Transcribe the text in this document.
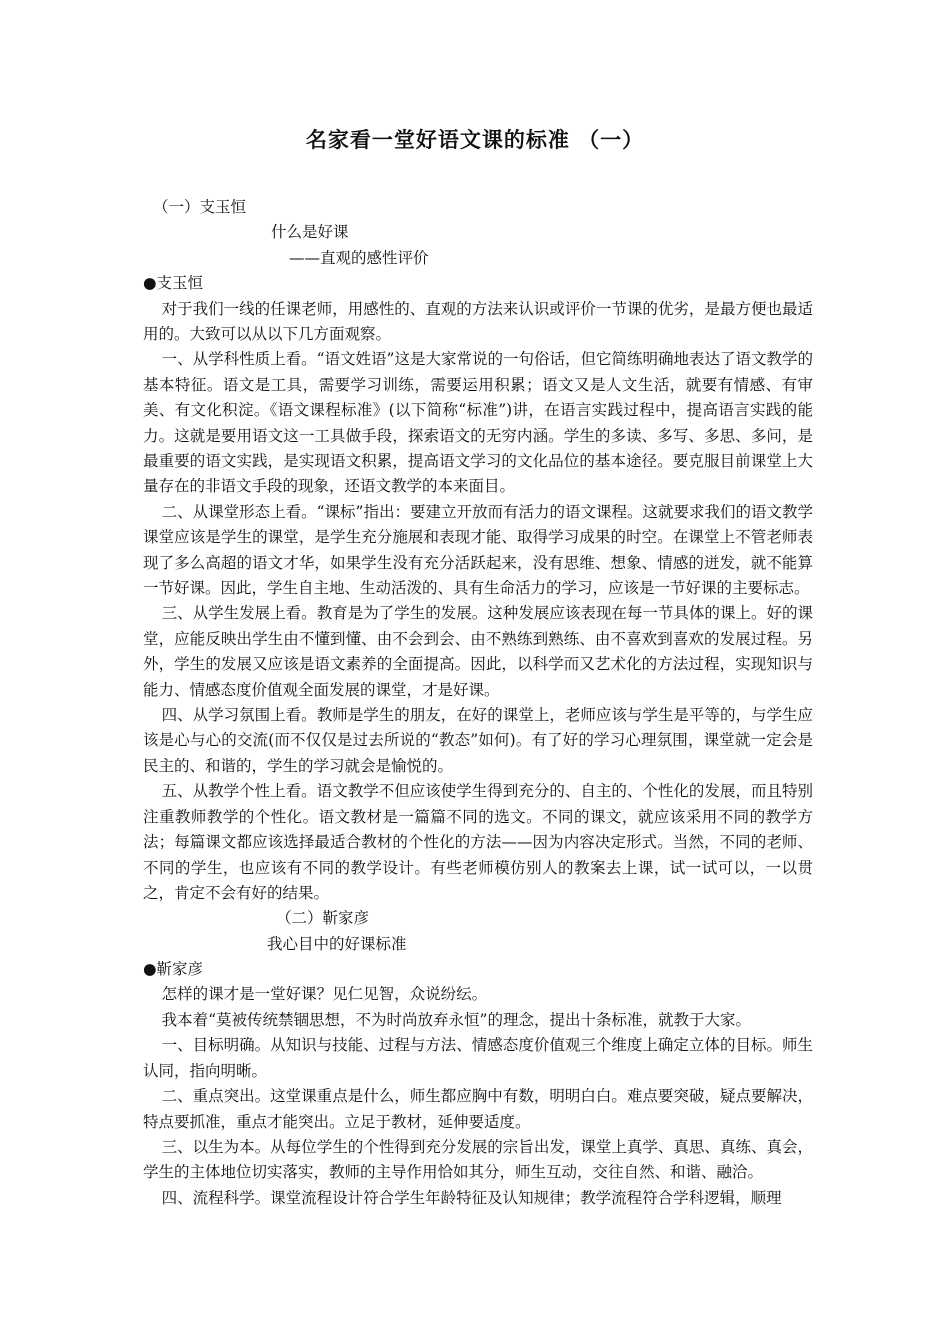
名家看一堂好语文课的标准 （一）
（一）支玉恒
什么是好课
——直观的感性评价
●支玉恒

对于我们一线的任课老师，用感性的、直观的方法来认识或评价一节课的优劣，是最方便也最适用的。大致可以从以下几方面观察。

一、从学科性质上看。“语文姓语”这是大家常说的一句俗话，但它简练明确地表达了语文教学的基本特征。语文是工具，需要学习训练，需要运用积累；语文又是人文生活，就要有情感、有审美、有文化积淀。《语文课程标准》(以下简称“标准”)讲，在语言实践过程中，提高语言实践的能力。这就是要用语文这一工具做手段，探索语文的无穷内涵。学生的多读、多写、多思、多问，是最重要的语文实践，是实现语文积累，提高语文学习的文化品位的基本途径。要克服目前课堂上大量存在的非语文手段的现象，还语文教学的本来面目。

二、从课堂形态上看。“课标”指出：要建立开放而有活力的语文课程。这就要求我们的语文教学课堂应该是学生的课堂，是学生充分施展和表现才能、取得学习成果的时空。在课堂上不管老师表现了多么高超的语文才华，如果学生没有充分活跃起来，没有思维、想象、情感的迸发，就不能算一节好课。因此，学生自主地、生动活泼的、具有生命活力的学习，应该是一节好课的主要标志。

三、从学生发展上看。教育是为了学生的发展。这种发展应该表现在每一节具体的课上。好的课堂，应能反映出学生由不懂到懂、由不会到会、由不熟练到熟练、由不喜欢到喜欢的发展过程。另外，学生的发展又应该是语文素养的全面提高。因此，以科学而又艺术化的方法过程，实现知识与能力、情感态度价值观全面发展的课堂，才是好课。

四、从学习氛围上看。教师是学生的朋友，在好的课堂上，老师应该与学生是平等的，与学生应该是心与心的交流(而不仅仅是过去所说的“教态”如何)。有了好的学习心理氛围，课堂就一定会是民主的、和谐的，学生的学习就会是愉悦的。

五、从教学个性上看。语文教学不但应该使学生得到充分的、自主的、个性化的发展，而且特别注重教师教学的个性化。语文教材是一篇篇不同的选文。不同的课文，就应该采用不同的教学方法；每篇课文都应该选择最适合教材的个性化的方法——因为内容决定形式。当然，不同的老师、不同的学生，也应该有不同的教学设计。有些老师模仿别人的教案去上课，试一试可以，一以贯之，肯定不会有好的结果。

（二）靳家彦
我心目中的好课标准
●靳家彦

怎样的课才是一堂好课？见仁见智，众说纷纭。

我本着“莫被传统禁锢思想，不为时尚放弃永恒”的理念，提出十条标准，就教于大家。

一、目标明确。从知识与技能、过程与方法、情感态度价值观三个维度上确定立体的目标。师生认同，指向明晰。

二、重点突出。这堂课重点是什么，师生都应胸中有数，明明白白。难点要突破，疑点要解决，特点要抓准，重点才能突出。立足于教材，延伸要适度。

三、以生为本。从每位学生的个性得到充分发展的宗旨出发，课堂上真学、真思、真练、真会，学生的主体地位切实落实，教师的主导作用恰如其分，师生互动，交往自然、和谐、融洽。

四、流程科学。课堂流程设计符合学生年龄特征及认知规律；教学流程符合学科逻辑，顺理
